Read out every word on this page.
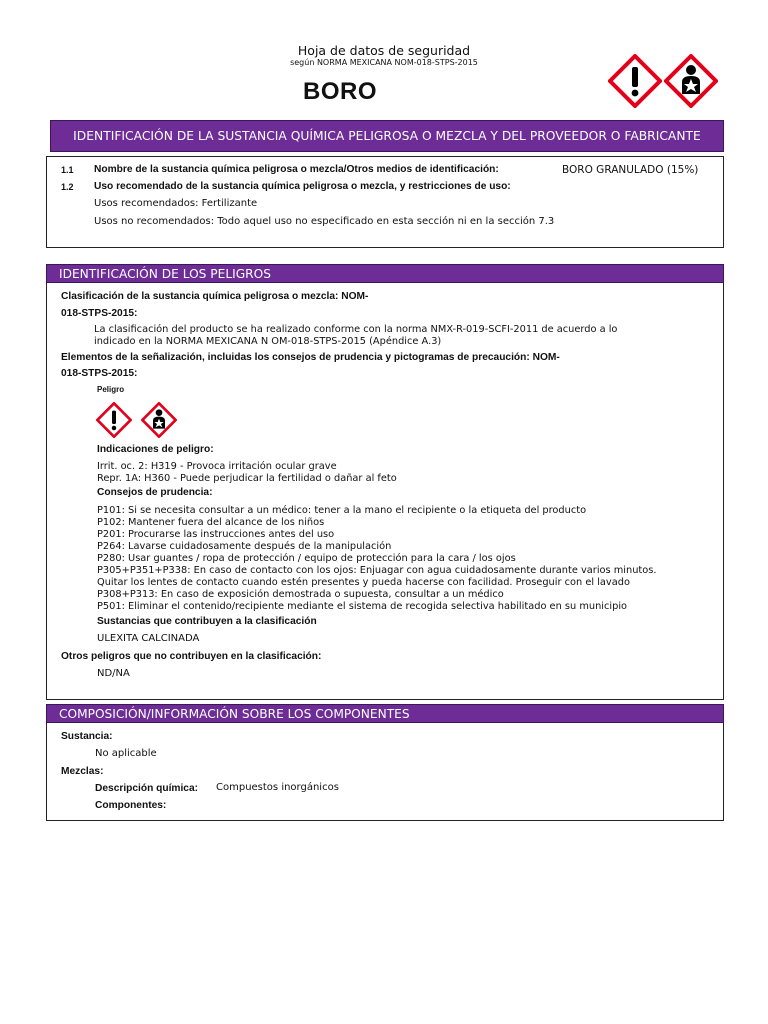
Hoja de datos de seguridad
según NORMA MEXICANA NOM-018-STPS-2015
BORO
IDENTIFICACIÓN DE LA SUSTANCIA QUÍMICA PELIGROSA O MEZCLA Y DEL PROVEEDOR O FABRICANTE
1.1 Nombre de la sustancia química peligrosa o mezcla/Otros medios de identificación:	BORO GRANULADO (15%)
1.2 Uso recomendado de la sustancia química peligrosa o mezcla, y restricciones de uso:
Usos recomendados: Fertilizante
Usos no recomendados: Todo aquel uso no especificado en esta sección ni en la sección 7.3
IDENTIFICACIÓN DE LOS PELIGROS
Clasificación de la sustancia química peligrosa o mezcla: NOM-
018-STPS-2015:
La clasificación del producto se ha realizado conforme con la norma NMX-R-019-SCFI-2011 de acuerdo a lo
indicado en la NORMA MEXICANA N OM-018-STPS-2015 (Apéndice A.3)
Elementos de la señalización, incluidas los consejos de prudencia y pictogramas de precaución: NOM-
018-STPS-2015:
Peligro
Indicaciones de peligro:
Irrit. oc. 2: H319 - Provoca irritación ocular grave
Repr. 1A: H360 - Puede perjudicar la fertilidad o dañar al feto
Consejos de prudencia:
P101: Si se necesita consultar a un médico: tener a la mano el recipiente o la etiqueta del producto
P102: Mantener fuera del alcance de los niños
P201: Procurarse las instrucciones antes del uso
P264: Lavarse cuidadosamente después de la manipulación
P280: Usar guantes / ropa de protección / equipo de protección para la cara / los ojos
P305+P351+P338: En caso de contacto con los ojos: Enjuagar con agua cuidadosamente durante varios minutos.
Quitar los lentes de contacto cuando estén presentes y pueda hacerse con facilidad. Proseguir con el lavado
P308+P313: En caso de exposición demostrada o supuesta, consultar a un médico
P501: Eliminar el contenido/recipiente mediante el sistema de recogida selectiva habilitado en su municipio
Sustancias que contribuyen a la clasificación
ULEXITA CALCINADA
Otros peligros que no contribuyen en la clasificación:
ND/NA
COMPOSICIÓN/INFORMACIÓN SOBRE LOS COMPONENTES
Sustancia:
No aplicable
Mezclas:
Descripción química: Compuestos inorgánicos
Componentes:
